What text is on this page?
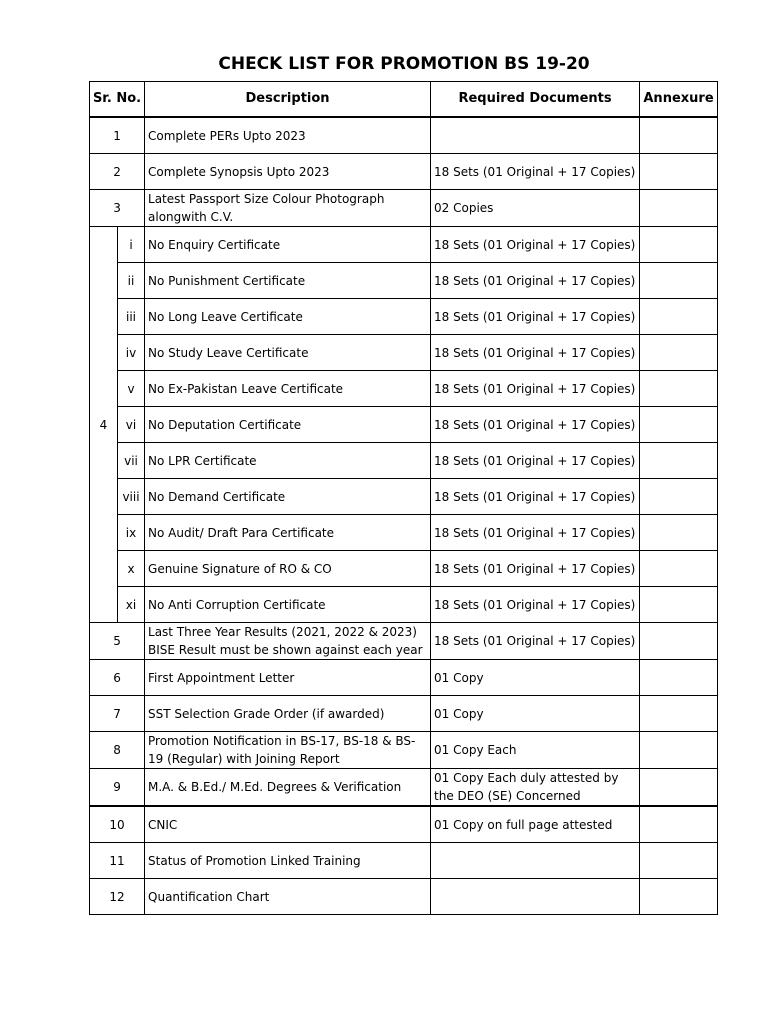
CHECK LIST FOR PROMOTION BS 19-20
Sr. No.		Description	Required Documents	Annexure
1		Complete PERs Upto 2023		
2		Complete Synopsis Upto 2023	18 Sets (01 Original + 17 Copies)	
3		Latest Passport Size Colour Photograph alongwith C.V.	02 Copies	
4	i	No Enquiry Certificate	18 Sets (01 Original + 17 Copies)	
	ii	No Punishment Certificate	18 Sets (01 Original + 17 Copies)	
	iii	No Long Leave Certificate	18 Sets (01 Original + 17 Copies)	
	iv	No Study Leave Certificate	18 Sets (01 Original + 17 Copies)	
	v	No Ex-Pakistan Leave Certificate	18 Sets (01 Original + 17 Copies)	
	vi	No Deputation Certificate	18 Sets (01 Original + 17 Copies)	
	vii	No LPR Certificate	18 Sets (01 Original + 17 Copies)	
	viii	No Demand Certificate	18 Sets (01 Original + 17 Copies)	
	ix	No Audit/ Draft Para Certificate	18 Sets (01 Original + 17 Copies)	
	x	Genuine Signature of RO & CO	18 Sets (01 Original + 17 Copies)	
	xi	No Anti Corruption Certificate	18 Sets (01 Original + 17 Copies)	
5		Last Three Year Results (2021, 2022 & 2023) BISE Result must be shown against each year	18 Sets (01 Original + 17 Copies)	
6		First Appointment Letter	01 Copy	
7		SST Selection Grade Order (if awarded)	01 Copy	
8		Promotion Notification in BS-17, BS-18 & BS-19 (Regular) with Joining Report	01 Copy Each	
9		M.A. & B.Ed./ M.Ed. Degrees & Verification	01 Copy Each duly attested by the DEO (SE) Concerned	
10		CNIC	01 Copy on full page attested	
11		Status of Promotion Linked Training		
12		Quantification Chart		
